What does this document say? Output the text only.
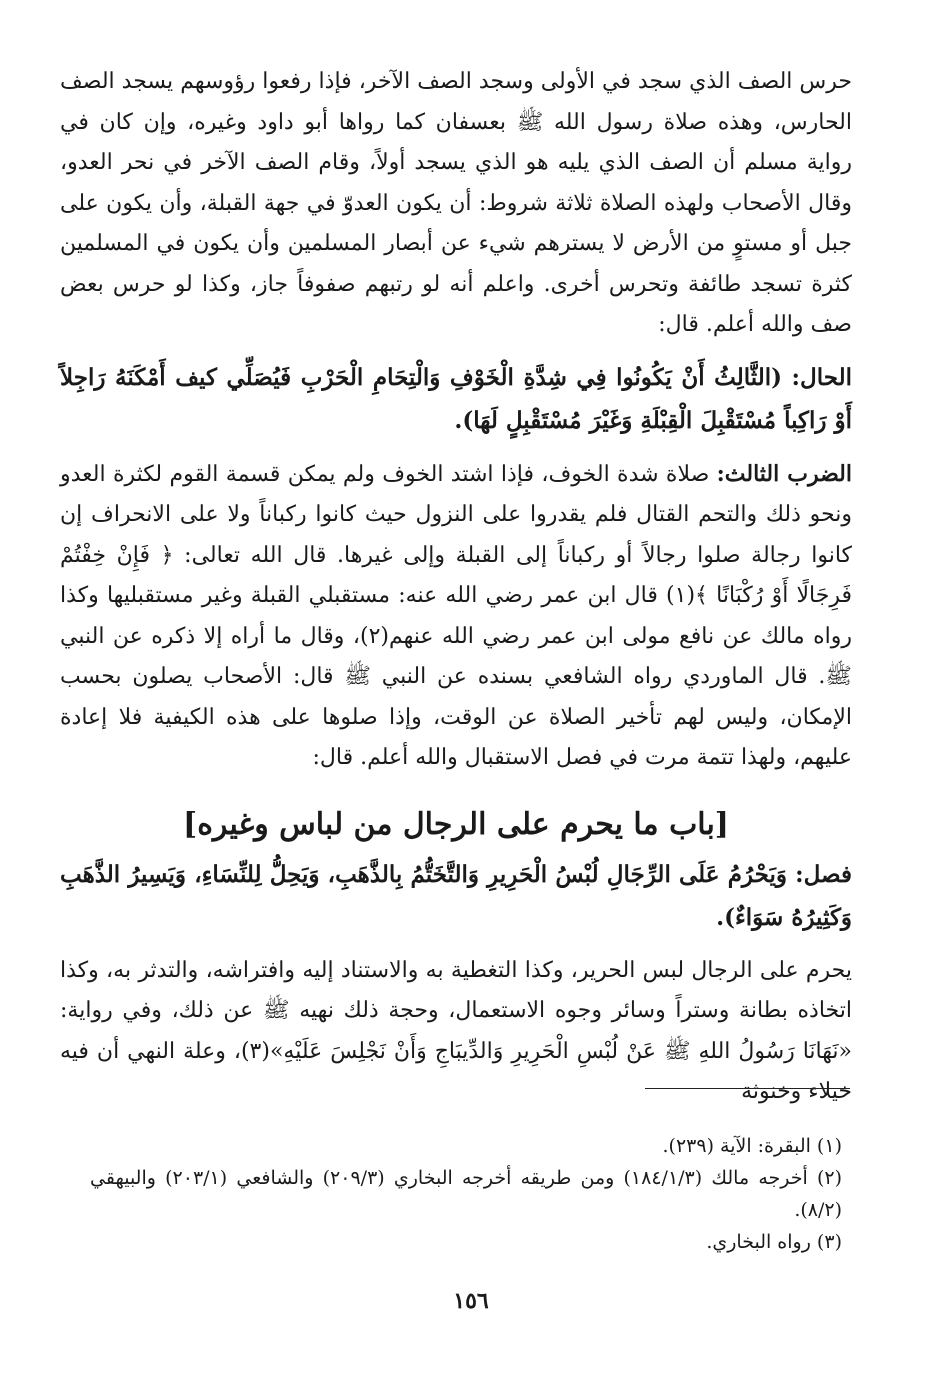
حرس الصف الذي سجد في الأولى وسجد الصف الآخر، فإذا رفعوا رؤوسهم يسجد الصف الحارس، وهذه صلاة رسول الله ﷺ بعسفان كما رواها أبو داود وغيره، وإن كان في رواية مسلم أن الصف الذي يليه هو الذي يسجد أولاً، وقام الصف الآخر في نحر العدو، وقال الأصحاب ولهذه الصلاة ثلاثة شروط: أن يكون العدوّ في جهة القبلة، وأن يكون على جبل أو مستوٍ من الأرض لا يسترهم شيء عن أبصار المسلمين وأن يكون في المسلمين كثرة تسجد طائفة وتحرس أخرى. واعلم أنه لو رتبهم صفوفاً جاز، وكذا لو حرس بعض صف والله أعلم. قال:

الحال: (الثَّالِثُ أَنْ يَكُونُوا فِي شِدَّةِ الْخَوْفِ وَالْتِحَامِ الْحَرْبِ فَيُصَلِّي كيف أَمْكَنَهُ رَاجِلاً أَوْ رَاكِباً مُسْتَقْبِلَ الْقِبْلَةِ وَغَيْرَ مُسْتَقْبِلٍ لَهَا).

الضرب الثالث: صلاة شدة الخوف، فإذا اشتد الخوف ولم يمكن قسمة القوم لكثرة العدو ونحو ذلك والتحم القتال فلم يقدروا على النزول حيث كانوا ركباناً ولا على الانحراف إن كانوا رجالة صلوا رجالاً أو ركباناً إلى القبلة وإلى غيرها. قال الله تعالى: ﴿ فَإِنْ خِفْتُمْ فَرِجَالًا أَوْ رُكْبَانًا ﴾(١) قال ابن عمر رضي الله عنه: مستقبلي القبلة وغير مستقبليها وكذا رواه مالك عن نافع مولى ابن عمر رضي الله عنهم(٢)، وقال ما أراه إلا ذكره عن النبي ﷺ. قال الماوردي رواه الشافعي بسنده عن النبي ﷺ قال: الأصحاب يصلون بحسب الإمكان، وليس لهم تأخير الصلاة عن الوقت، وإذا صلوها على هذه الكيفية فلا إعادة عليهم، ولهذا تتمة مرت في فصل الاستقبال والله أعلم. قال:

[باب ما يحرم على الرجال من لباس وغيره]

فصل: وَيَحْرُمُ عَلَى الرِّجَالِ لُبْسُ الْحَرِيرِ وَالتَّخَتُّمُ بِالذَّهَبِ، وَيَحِلُّ لِلنِّسَاءِ، وَيَسِيرُ الذَّهَبِ وَكَثِيرُهُ سَوَاءٌ).

يحرم على الرجال لبس الحرير، وكذا التغطية به والاستناد إليه وافتراشه، والتدثر به، وكذا اتخاذه بطانة وستراً وسائر وجوه الاستعمال، وحجة ذلك نهيه ﷺ عن ذلك، وفي رواية: «نَهَانَا رَسُولُ اللهِ ﷺ عَنْ لُبْسِ الْحَرِيرِ وَالدِّيبَاجِ وَأَنْ نَجْلِسَ عَلَيْهِ»(٣)، وعلة النهي أن فيه خيلاء وخنوثة

(١) البقرة: الآية (٢٣٩).

(٢) أخرجه مالك (١٨٤/١/٣) ومن طريقه أخرجه البخاري (٢٠٩/٣) والشافعي (٢٠٣/١) والبيهقي (٨/٢).

(٣) رواه البخاري.

١٥٦
